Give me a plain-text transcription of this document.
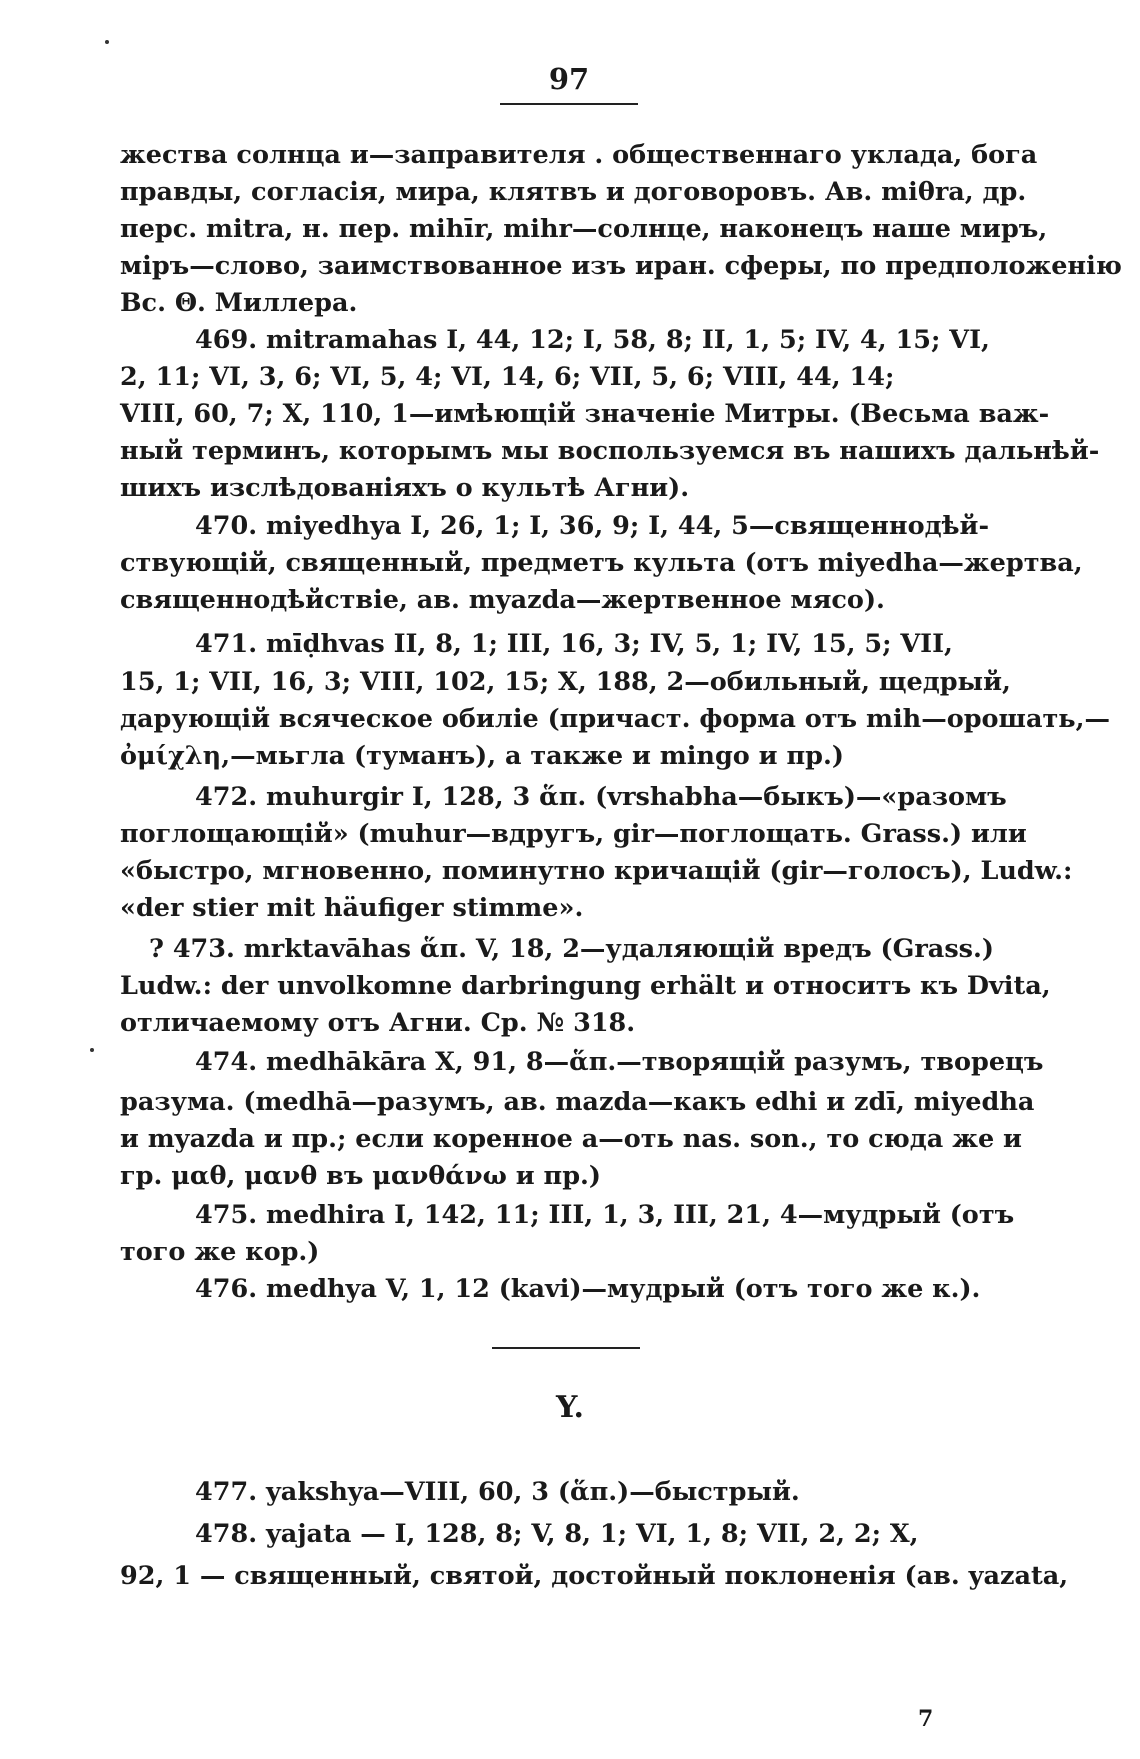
97
жества солнца и—заправителя . общественнаго уклада, бога
правды, согласія, мира, клятвъ и договоровъ. Ав. miθra, др.
перс. mitra, н. пер. mihīr, mihr—солнце, наконецъ наше миръ,
міръ—слово, заимствованное изъ иран. сферы, по предположенію
Вс. Θ. Миллера.
469. mitramahas I, 44, 12; I, 58, 8; II, 1, 5; IV, 4, 15; VI,
2, 11; VI, 3, 6; VI, 5, 4; VI, 14, 6; VII, 5, 6; VIII, 44, 14;
VIII, 60, 7; X, 110, 1—имѣющій значеніе Митры. (Весьма важ-
ный терминъ, которымъ мы воспользуемся въ нашихъ дальнѣй-
шихъ изслѣдованіяхъ о культѣ Агни).
470. miyedhya I, 26, 1; I, 36, 9; I, 44, 5—священнодѣй-
ствующій, священный, предметъ культа (отъ miyedha—жертва,
священнодѣйствіе, ав. myazda—жертвенное мясо).
471. mīḍhvas II, 8, 1; III, 16, 3; IV, 5, 1; IV, 15, 5; VII,
15, 1; VII, 16, 3; VIII, 102, 15; X, 188, 2—обильный, щедрый,
дарующій всяческое обиліе (причаст. форма отъ mih—орошать,—
ὀμίχλη,—мьгла (туманъ), а также и mingo и пр.)
472. muhurgir I, 128, 3 ἅπ. (vrshabha—быкъ)—«разомъ
поглощающій» (muhur—вдругъ, gir—поглощать. Grass.) или
«быстро, мгновенно, поминутно кричащій (gir—голосъ), Ludw.:
«der stier mit häufiger stimme».
? 473. mrktavāhas ἅπ. V, 18, 2—удаляющій вредъ (Grass.)
Ludw.: der unvolkomne darbringung erhält и относитъ къ Dvita,
отличаемому отъ Агни. Ср. № 318.
474. medhākāra X, 91, 8—ἅπ.—творящій разумъ, творецъ
разума. (medhā—разумъ, ав. mazda—какъ edhi и zdī, miyedha
и myazda и пр.; если коренное a—оть nas. son., то сюда же и
гр. μαθ, μανθ въ μανθάνω и пр.)
475. medhira I, 142, 11; III, 1, 3, III, 21, 4—мудрый (отъ
того же кор.)
476. medhya V, 1, 12 (kavi)—мудрый (отъ того же к.).
Y.
477. yakshya—VIII, 60, 3 (ἅπ.)—быстрый.
478. yajata — I, 128, 8; V, 8, 1; VI, 1, 8; VII, 2, 2; X,
92, 1 — священный, святой, достойный поклоненія (ав. yazata,
7
